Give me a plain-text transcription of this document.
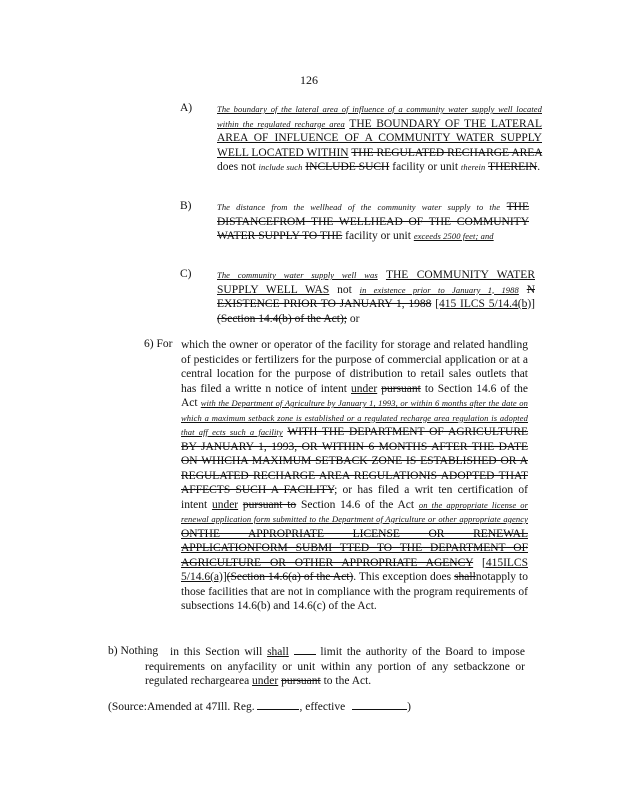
126
A)	The boundary of the lateral area of influence of a community water supply well located within the regulated recharge area THE BOUNDARY OF THE LATERAL AREA OF INFLUENCE OF A COMMUNITY WATER SUPPLY WELL LOCATED WITHIN THE REGULATED RECHARGE AREA does not include such INCLUDE SUCH facility or unit therein THEREIN.
B)	The distance from the wellhead of the community water supply to the THE DISTANCEFROM THE WELLHEAD OF THE COMMUNITY WATER SUPPLY TO THE facility or unit exceeds 2500 feet; and
C)	The community water supply well was THE COMMUNITY WATER SUPPLY WELL WAS not in existence prior to January 1, 1988 N EXISTENCE PRIOR TO JANUARY 1, 1988 [415 ILCS 5/14.4(b)] (Section 14.4(b) of the Act); or
6) For which the owner or operator of the facility for storage and related handling of pesticides or fertilizers for the purpose of commercial application or at a central location for the purpose of distribution to retail sales outlets that has filed a writte n notice of intent under pursuant to Section 14.6 of the Act with the Department of Agriculture by January 1, 1993, or within 6 months after the date on which a maximum setback zone is established or a regulated recharge area regulation is adopted that aff ects such a facility WITH THE DEPARTMENT OF AGRICULTURE BY JANUARY 1, 1993, OR WITHIN 6 MONTHS AFTER THE DATE ON WHICHA MAXIMUM SETBACK ZONE IS ESTABLISHED OR A REGULATED RECHARGE AREA REGULATIONIS ADOPTED THAT AFFECTS SUCH A FACILITY; or has filed a writ ten certification of intent under pursuant to Section 14.6 of the Act on the appropriate license or renewal application form submitted to the Department of Agriculture or other appropriate agency ONTHE APPROPRIATE LICENSE OR RENEWAL APPLICATIONFORM SUBMI TTED TO THE DEPARTMENT OF AGRICULTURE OR OTHER APPROPRIATE AGENCY [415ILCS 5/14.6(a)](Section 14.6(a) of the Act). This exception does shallnotapply to those facilities that are not in compliance with the program requirements of subsections 14.6(b) and 14.6(c) of the Act.
b) Nothing	in this Section will shall	limit the authority of the Board to impose requirements on anyfacility or unit within any portion of any setbackzone or regulated rechargearea under pursuant to the Act.
(Source:Amended at 47Ill. Reg.	, effective	)
